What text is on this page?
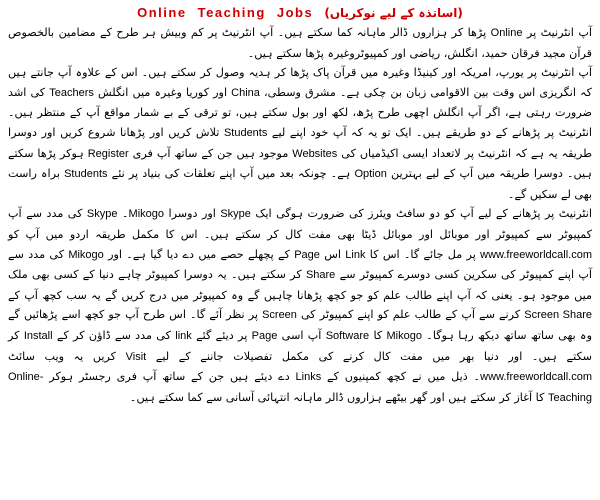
Online Teaching Jobs (اساتذہ کے لیے نوکریاں)

آپ انٹرنیٹ پر Online پڑھا کر ہزاروں ڈالر ماہانہ کما سکتے ہیں۔ آپ انٹرنیٹ پر کم وبیش ہر طرح کے مضامین بالخصوص قرآن مجید فرقان حمید، انگلش، ریاضی اور کمپیوٹروغیرہ پڑھا سکتے ہیں۔

آپ انٹرنیٹ پر یورپ، امریکہ اور کینیڈا وغیرہ میں قرآن پاک پڑھا کر ہدیہ وصول کر سکتے ہیں۔ اس کے علاوہ آپ جانتے ہیں کہ انگریزی اس وقت بین الاقوامی زبان بن چکی ہے۔ مشرق وسطی، China اور کوریا وغیرہ میں انگلش Teachers کی اشد ضرورت رہتی ہے، اگر آپ انگلش اچھی طرح پڑھ، لکھ اور بول سکتے ہیں، تو ترقی کے بے شمار مواقع آپ کے منتظر ہیں۔ انٹرنیٹ پر پڑھانے کے دو طریقے ہیں۔ ایک تو یہ کہ آپ خود اپنے لیے Students تلاش کریں اور پڑھانا شروع کریں اور دوسرا طریقہ یہ ہے کہ انٹرنیٹ پر لاتعداد ایسی اکیڈمیاں کی Websites موجود ہیں جن کے ساتھ آپ فری Register ہوکر پڑھا سکتے ہیں۔ دوسرا طریقہ میں آپ کے لیے بہترین Option ہے۔ چونکہ بعد میں آپ اپنے تعلقات کی بنیاد پر نئے Students براہ راست بھی لے سکیں گے۔

انٹرنیٹ پر پڑھانے کے لیے آپ کو دو سافٹ ویئرز کی ضرورت ہوگی ایک Skype اور دوسرا Mikogo۔ Skype کی مدد سے آپ کمپیوٹر سے کمپیوٹر اور موبائل اور موبائل ڈیٹا بھی مفت کال کر سکتے ہیں۔ اس کا مکمل طریقہ اردو میں آپ کو www.freeworldcall.com پر مل جائے گا۔ اس کا Link اس Page کے پچھلے حصے میں دے دیا گیا ہے۔ اور Mikogo کی مدد سے آپ اپنے کمپیوٹر کی سکرین کسی دوسرے کمپیوٹر سے Share کر سکتے ہیں۔ یہ دوسرا کمپیوٹر چاہے دنیا کے کسی بھی ملک میں موجود ہو۔ یعنی کہ آپ اپنے طالب علم کو جو کچھ پڑھانا چاہیں گے وہ کمپیوٹر میں درج کریں گے یہ سب کچھ آپ کے Screen Share کرنے سے آپ کے طالب علم کو اپنے کمپیوٹر کی Screen پر نظر آئے گا۔ اس طرح آپ جو کچھ اسے پڑھائیں گے وہ بھی ساتھ ساتھ دیکھ رہا ہوگا۔ Mikogo کا Software آپ اسی Page پر دیئے گئے link کی مدد سے ڈاؤن کر کے Install کر سکتے ہیں۔ اور دنیا بھر میں مفت کال کرنے کی مکمل تفصیلات جاننے کے لیے Visit کریں یہ ویب سائٹ www.freeworldcall.com۔ ذیل میں نے کچھ کمپنیوں کے Links دے دیئے ہیں جن کے ساتھ آپ فری رجسٹر ہوکر Online-Teaching کا آغاز کر سکتے ہیں اور گھر بیٹھے ہزاروں ڈالر ماہانہ انتہائی آسانی سے کما سکتے ہیں۔
